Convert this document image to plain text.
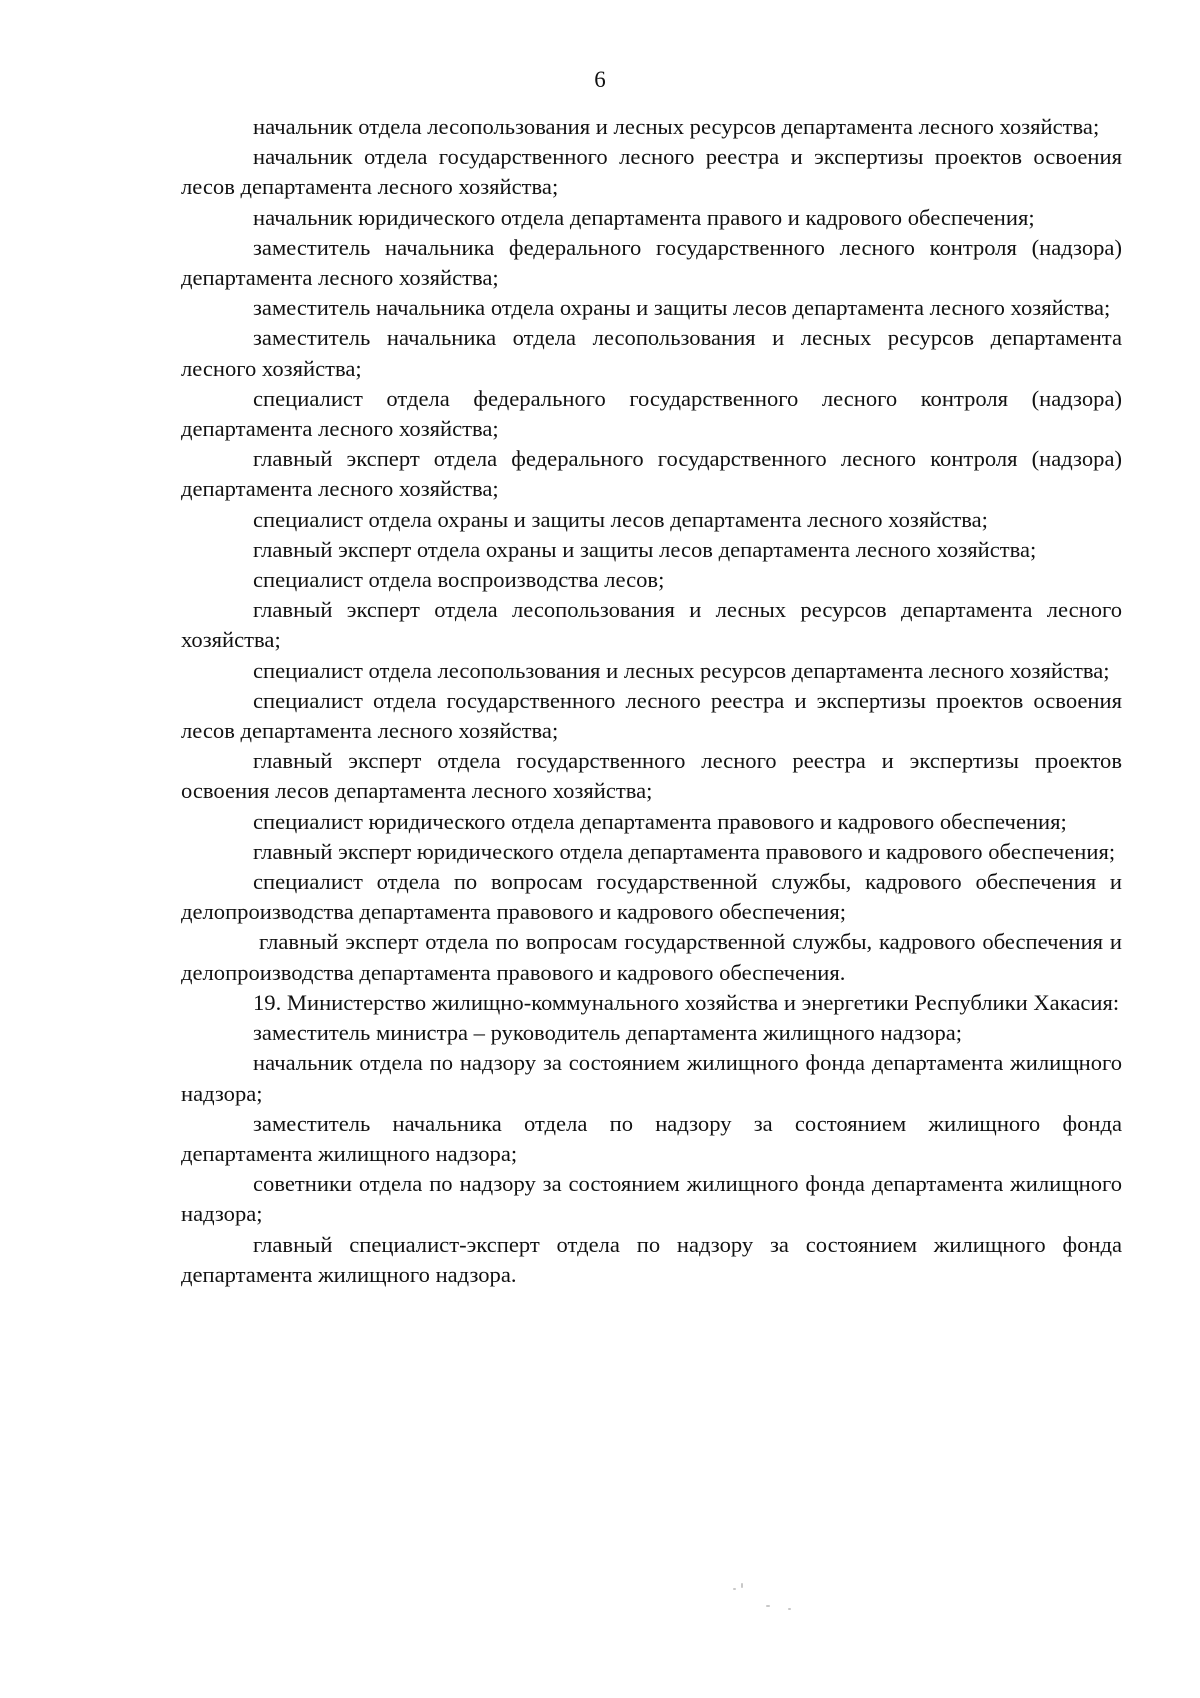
6

начальник отдела лесопользования и лесных ресурсов департамента лесного хозяйства;

начальник отдела государственного лесного реестра и экспертизы проектов освоения лесов департамента лесного хозяйства;

начальник юридического отдела департамента правого и кадрового обеспечения;

заместитель начальника федерального государственного лесного контроля (надзора) департамента лесного хозяйства;

заместитель начальника отдела охраны и защиты лесов департамента лесного хозяйства;

заместитель начальника отдела лесопользования и лесных ресурсов департамента лесного хозяйства;

специалист отдела федерального государственного лесного контроля (надзора) департамента лесного хозяйства;

главный эксперт отдела федерального государственного лесного контроля (надзора) департамента лесного хозяйства;

специалист отдела охраны и защиты лесов департамента лесного хозяйства;

главный эксперт отдела охраны и защиты лесов департамента лесного хозяйства;

специалист отдела воспроизводства лесов;

главный эксперт отдела лесопользования и лесных ресурсов департамента лесного хозяйства;

специалист отдела лесопользования и лесных ресурсов департамента лесного хозяйства;

специалист отдела государственного лесного реестра и экспертизы проектов освоения лесов департамента лесного хозяйства;

главный эксперт отдела государственного лесного реестра и экспертизы проектов освоения лесов департамента лесного хозяйства;

специалист юридического отдела департамента правового и кадрового обеспечения;

главный эксперт юридического отдела департамента правового и кадрового обеспечения;

специалист отдела по вопросам государственной службы, кадрового обеспечения и делопроизводства департамента правового и кадрового обеспечения;

главный эксперт отдела по вопросам государственной службы, кадрового обеспечения и делопроизводства департамента правового и кадрового обеспечения.

19. Министерство жилищно-коммунального хозяйства и энергетики Республики Хакасия:

заместитель министра – руководитель департамента жилищного надзора;

начальник отдела по надзору за состоянием жилищного фонда департамента жилищного надзора;

заместитель начальника отдела по надзору за состоянием жилищного фонда департамента жилищного надзора;

советники отдела по надзору за состоянием жилищного фонда департамента жилищного надзора;

главный специалист-эксперт отдела по надзору за состоянием жилищного фонда департамента жилищного надзора.
